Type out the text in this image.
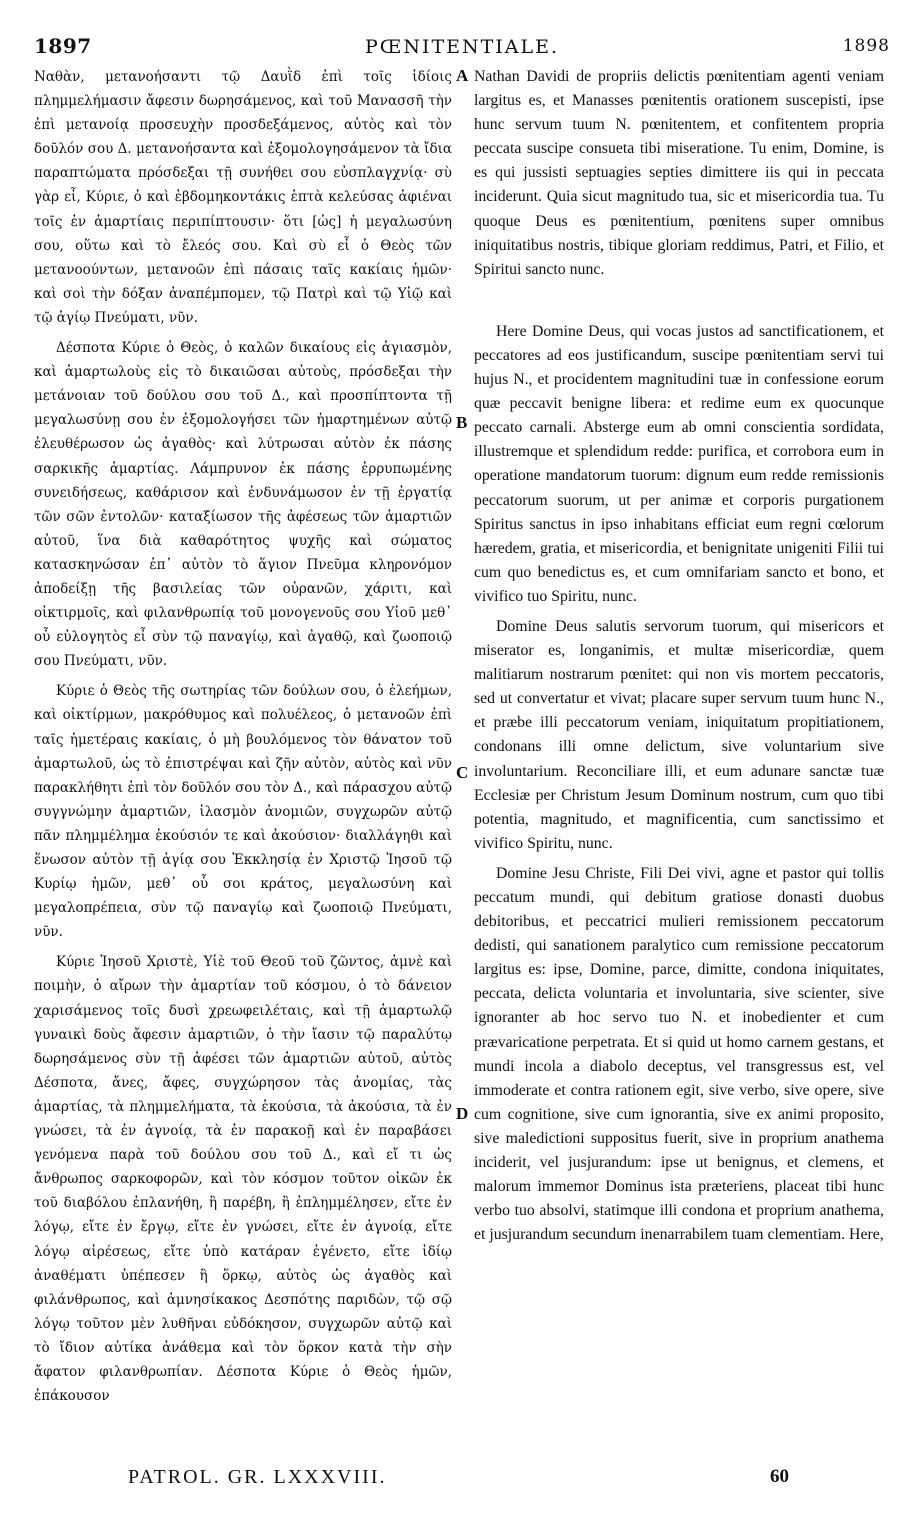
1897	PŒNITENTIALE.	1898

Ναθὰν, μετανοήσαντι τῷ Δαυῒδ ἐπὶ τοῖς ἰδίοις πλημμελήμασιν ἄφεσιν δωρησάμενος, καὶ τοῦ Μανασσῆ τὴν ἐπὶ μετανοίᾳ προσευχὴν προσδεξάμενος, αὐτὸς καὶ τὸν δοῦλόν σου Δ. μετανοήσαντα καὶ ἐξομολογησάμενον τὰ ἴδια παραπτώματα πρόσδεξαι τῇ συνήθει σου εὐσπλαγχνίᾳ· σὺ γὰρ εἶ, Κύριε, ὁ καὶ ἑβδομηκοντάκις ἑπτὰ κελεύσας ἀφιέναι τοῖς ἐν ἁμαρτίαις περιπίπτουσιν· ὅτι [ὡς] ἡ μεγαλωσύνη σου, οὕτω καὶ τὸ ἔλεός σου. Καὶ σὺ εἶ ὁ Θεὸς τῶν μετανοούντων, μετανοῶν ἐπὶ πάσαις ταῖς κακίαις ἡμῶν· καὶ σοὶ τὴν δόξαν ἀναπέμπομεν, τῷ Πατρὶ καὶ τῷ Υἱῷ καὶ τῷ ἁγίῳ Πνεύματι, νῦν.

Δέσποτα Κύριε ὁ Θεὸς, ὁ καλῶν δικαίους εἰς ἁγιασμὸν, καὶ ἁμαρτωλοὺς εἰς τὸ δικαιῶσαι αὐτοὺς, πρόσδεξαι τὴν μετάνοιαν τοῦ δούλου σου τοῦ Δ., καὶ προσπίπτοντα τῇ μεγαλωσύνῃ σου ἐν ἐξομολογήσει τῶν ἡμαρτημένων αὐτῷ ἐλευθέρωσον ὡς ἀγαθὸς· καὶ λύτρωσαι αὐτὸν ἐκ πάσης σαρκικῆς ἁμαρτίας. Λάμπρυνον ἐκ πάσης ἐρρυπωμένης συνειδήσεως, καθάρισον καὶ ἐνδυνάμωσον ἐν τῇ ἐργατίᾳ τῶν σῶν ἐντολῶν· καταξίωσον τῆς ἀφέσεως τῶν ἁμαρτιῶν αὐτοῦ, ἵνα διὰ καθαρότητος ψυχῆς καὶ σώματος κατασκηνώσαν ἐπ᾽ αὐτὸν τὸ ἅγιον Πνεῦμα κληρονόμον ἀποδείξῃ τῆς βασιλείας τῶν οὐρανῶν, χάριτι, καὶ οἰκτιρμοῖς, καὶ φιλανθρωπίᾳ τοῦ μονογενοῦς σου Υἱοῦ μεθ᾽ οὗ εὐλογητὸς εἶ σὺν τῷ παναγίῳ, καὶ ἀγαθῷ, καὶ ζωοποιῷ σου Πνεύματι, νῦν.

Κύριε ὁ Θεὸς τῆς σωτηρίας τῶν δούλων σου, ὁ ἐλεήμων, καὶ οἰκτίρμων, μακρόθυμος καὶ πολυέλεος, ὁ μετανοῶν ἐπὶ ταῖς ἡμετέραις κακίαις, ὁ μὴ βουλόμενος τὸν θάνατον τοῦ ἁμαρτωλοῦ, ὡς τὸ ἐπιστρέψαι καὶ ζῆν αὐτὸν, αὐτὸς καὶ νῦν παρακλήθητι ἐπὶ τὸν δοῦλόν σου τὸν Δ., καὶ πάρασχου αὐτῷ συγγνώμην ἁμαρτιῶν, ἱλασμὸν ἀνομιῶν, συγχωρῶν αὐτῷ πᾶν πλημμέλημα ἑκούσιόν τε καὶ ἀκούσιον· διαλλάγηθι καὶ ἕνωσον αὐτὸν τῇ ἁγίᾳ σου Ἐκκλησίᾳ ἐν Χριστῷ Ἰησοῦ τῷ Κυρίῳ ἡμῶν, μεθ᾽ οὗ σοι κράτος, μεγαλωσύνη καὶ μεγαλοπρέπεια, σὺν τῷ παναγίῳ καὶ ζωοποιῷ Πνεύματι, νῦν.

Κύριε Ἰησοῦ Χριστὲ, Υἱὲ τοῦ Θεοῦ τοῦ ζῶντος, ἀμνὲ καὶ ποιμὴν, ὁ αἴρων τὴν ἁμαρτίαν τοῦ κόσμου, ὁ τὸ δάνειον χαρισάμενος τοῖς δυσὶ χρεωφειλέταις, καὶ τῇ ἁμαρτωλῷ γυναικὶ δοὺς ἄφεσιν ἁμαρτιῶν, ὁ τὴν ἴασιν τῷ παραλύτῳ δωρησάμενος σὺν τῇ ἀφέσει τῶν ἁμαρτιῶν αὐτοῦ, αὐτὸς Δέσποτα, ἄνες, ἄφες, συγχώρησον τὰς ἀνομίας, τὰς ἁμαρτίας, τὰ πλημμελήματα, τὰ ἑκούσια, τὰ ἀκούσια, τὰ ἐν γνώσει, τὰ ἐν ἀγνοίᾳ, τὰ ἐν παρακοῇ καὶ ἐν παραβάσει γενόμενα παρὰ τοῦ δούλου σου τοῦ Δ., καὶ εἴ τι ὡς ἄνθρωπος σαρκοφορῶν, καὶ τὸν κόσμον τοῦτον οἰκῶν ἐκ τοῦ διαβόλου ἐπλανήθη, ἢ παρέβη, ἢ ἐπλημμέλησεν, εἴτε ἐν λόγῳ, εἴτε ἐν ἔργῳ, εἴτε ἐν γνώσει, εἴτε ἐν ἀγνοίᾳ, εἴτε λόγῳ αἱρέσεως, εἴτε ὑπὸ κατάραν ἐγένετο, εἴτε ἰδίῳ ἀναθέματι ὑπέπεσεν ἢ ὅρκῳ, αὐτὸς ὡς ἀγαθὸς καὶ φιλάνθρωπος, καὶ ἀμνησίκακος Δεσπότης παριδὼν, τῷ σῷ λόγῳ τοῦτον μὲν λυθῆναι εὐδόκησον, συγχωρῶν αὐτῷ καὶ τὸ ἴδιον αὐτίκα ἀνάθεμα καὶ τὸν ὅρκον κατὰ τὴν σὴν ἄφατον φιλανθρωπίαν. Δέσποτα Κύριε ὁ Θεὸς ἡμῶν, ἐπάκουσον

A
B
C
D

Nathan Davidi de propriis delictis pœnitentiam agenti veniam largitus es, et Manasses pœnitentis orationem suscepisti, ipse hunc servum tuum N. pœnitentem, et confitentem propria peccata suscipe consueta tibi miseratione. Tu enim, Domine, is es qui jussisti septuagies septies dimittere iis qui in peccata inciderunt. Quia sicut magnitudo tua, sic et misericordia tua. Tu quoque Deus es pœnitentium, pœnitens super omnibus iniquitatibus nostris, tibique gloriam reddimus, Patri, et Filio, et Spiritui sancto nunc.

Here Domine Deus, qui vocas justos ad sanctificationem, et peccatores ad eos justificandum, suscipe pœnitentiam servi tui hujus N., et procidentem magnitudini tuæ in confessione eorum quæ peccavit benigne libera: et redime eum ex quocunque peccato carnali. Absterge eum ab omni conscientia sordidata, illustremque et splendidum redde: purifica, et corrobora eum in operatione mandatorum tuorum: dignum eum redde remissionis peccatorum suorum, ut per animæ et corporis purgationem Spiritus sanctus in ipso inhabitans efficiat eum regni cœlorum hæredem, gratia, et misericordia, et benignitate unigeniti Filii tui cum quo benedictus es, et cum omnifariam sancto et bono, et vivifico tuo Spiritu, nunc.

Domine Deus salutis servorum tuorum, qui misericors et miserator es, longanimis, et multæ misericordiæ, quem malitiarum nostrarum pœnitet: qui non vis mortem peccatoris, sed ut convertatur et vivat; placare super servum tuum hunc N., et præbe illi peccatorum veniam, iniquitatum propitiationem, condonans illi omne delictum, sive voluntarium sive involuntarium. Reconciliare illi, et eum adunare sanctæ tuæ Ecclesiæ per Christum Jesum Dominum nostrum, cum quo tibi potentia, magnitudo, et magnificentia, cum sanctissimo et vivifico Spiritu, nunc.

Domine Jesu Christe, Fili Dei vivi, agne et pastor qui tollis peccatum mundi, qui debitum gratiose donasti duobus debitoribus, et peccatrici mulieri remissionem peccatorum dedisti, qui sanationem paralytico cum remissione peccatorum largitus es: ipse, Domine, parce, dimitte, condona iniquitates, peccata, delicta voluntaria et involuntaria, sive scienter, sive ignoranter ab hoc servo tuo N. et inobedienter et cum prævaricatione perpetrata. Et si quid ut homo carnem gestans, et mundi incola a diabolo deceptus, vel transgressus est, vel immoderate et contra rationem egit, sive verbo, sive opere, sive cum cognitione, sive cum ignorantia, sive ex animi proposito, sive maledictioni suppositus fuerit, sive in proprium anathema inciderit, vel jusjurandum: ipse ut benignus, et clemens, et malorum immemor Dominus ista præteriens, placeat tibi hunc verbo tuo absolvi, statimque illi condona et proprium anathema, et jusjurandum secundum inenarrabilem tuam clementiam. Here,

PATROL. GR. LXXXVIII.	60
